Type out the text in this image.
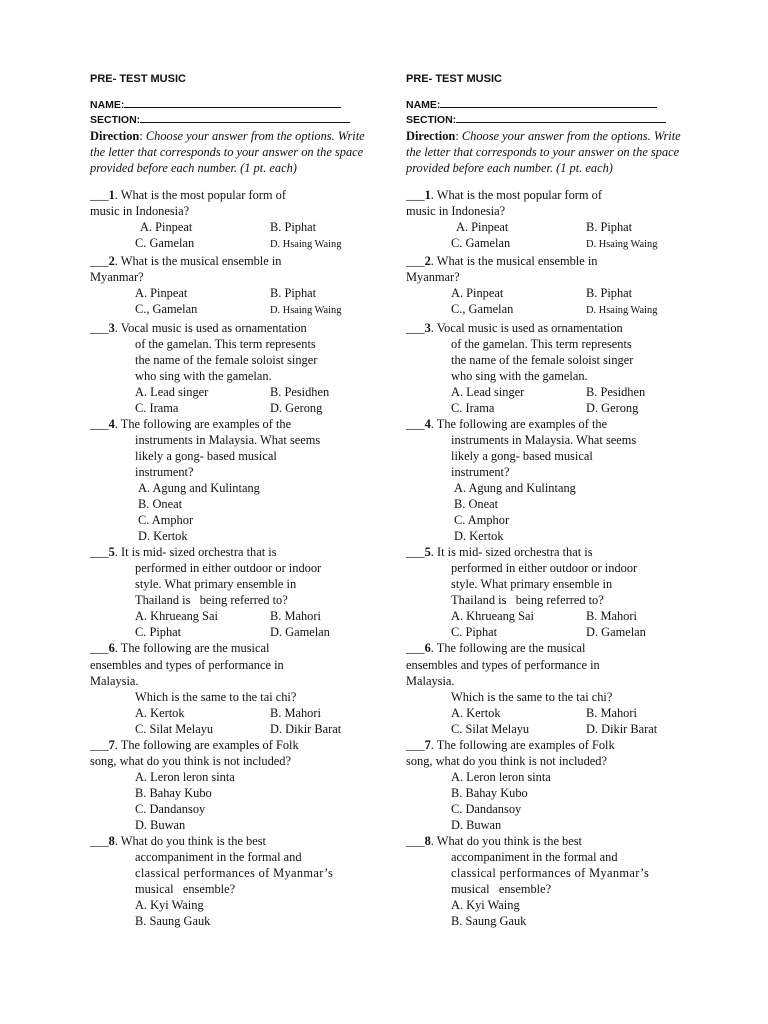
PRE- TEST MUSIC
NAME:
SECTION:
Direction: Choose your answer from the options. Write the letter that corresponds to your answer on the space provided before each number. (1 pt. each)
___1. What is the most popular form of
music in Indonesia?
A. Pinpeat	B. Piphat
C. Gamelan	D. Hsaing Waing
___2. What is the musical ensemble in
Myanmar?
A. Pinpeat	B. Piphat
C., Gamelan	D. Hsaing Waing
___3. Vocal music is used as ornamentation
of the gamelan. This term represents
the name of the female soloist singer
who sing with the gamelan.
A. Lead singer	B. Pesidhen
C. Irama	D. Gerong
___4. The following are examples of the
instruments in Malaysia. What seems
likely a gong- based musical
instrument?
A. Agung and Kulintang
B. Oneat
C. Amphor
D. Kertok
___5. It is mid- sized orchestra that is
performed in either outdoor or indoor
style. What primary ensemble in
Thailand is   being referred to?
A. Khrueang Sai	B. Mahori
C. Piphat	D. Gamelan
___6. The following are the musical
ensembles and types of performance in
Malaysia.
Which is the same to the tai chi?
A. Kertok	B. Mahori
C. Silat Melayu	D. Dikir Barat
___7. The following are examples of Folk
song, what do you think is not included?
A. Leron leron sinta
B. Bahay Kubo
C. Dandansoy
D. Buwan
___8. What do you think is the best
accompaniment in the formal and
classical performances of Myanmar’s
musical   ensemble?
A. Kyi Waing
B. Saung Gauk
PRE- TEST MUSIC
NAME:
SECTION:
Direction: Choose your answer from the options. Write the letter that corresponds to your answer on the space provided before each number. (1 pt. each)
___1. What is the most popular form of
music in Indonesia?
A. Pinpeat	B. Piphat
C. Gamelan	D. Hsaing Waing
___2. What is the musical ensemble in
Myanmar?
A. Pinpeat	B. Piphat
C., Gamelan	D. Hsaing Waing
___3. Vocal music is used as ornamentation
of the gamelan. This term represents
the name of the female soloist singer
who sing with the gamelan.
A. Lead singer	B. Pesidhen
C. Irama	D. Gerong
___4. The following are examples of the
instruments in Malaysia. What seems
likely a gong- based musical
instrument?
A. Agung and Kulintang
B. Oneat
C. Amphor
D. Kertok
___5. It is mid- sized orchestra that is
performed in either outdoor or indoor
style. What primary ensemble in
Thailand is   being referred to?
A. Khrueang Sai	B. Mahori
C. Piphat	D. Gamelan
___6. The following are the musical
ensembles and types of performance in
Malaysia.
Which is the same to the tai chi?
A. Kertok	B. Mahori
C. Silat Melayu	D. Dikir Barat
___7. The following are examples of Folk
song, what do you think is not included?
A. Leron leron sinta
B. Bahay Kubo
C. Dandansoy
D. Buwan
___8. What do you think is the best
accompaniment in the formal and
classical performances of Myanmar’s
musical   ensemble?
A. Kyi Waing
B. Saung Gauk
